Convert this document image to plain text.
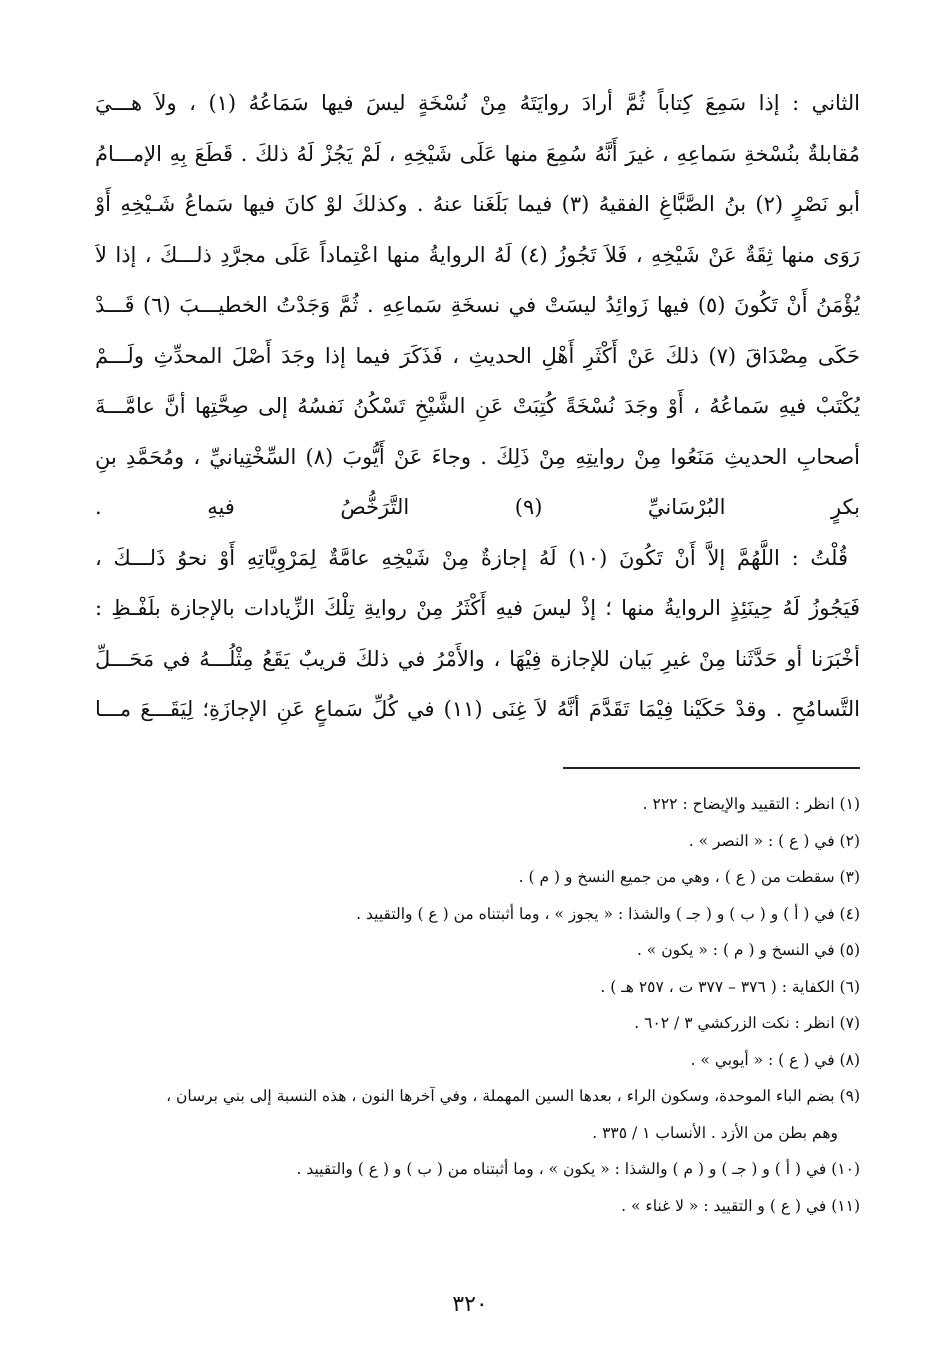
الثاني : إذا سَمِعَ كِتاباً ثُمَّ أرادَ روايَتَهُ مِنْ نُسْخَةٍ ليسَ فيها سَمَاعُهُ (١) ، ولاَ هـــيَ
مُقابلةٌ بنُسْخةِ سَماعِهِ ، غيرَ أَنَّهُ سُمِعَ منها عَلَى شَيْخِهِ ، لَمْ يَجُزْ لَهُ ذلكَ . قَطَعَ بِهِ الإمـــامُ
أبو نَصْرٍ (٢) بنُ الصَّبَّاغِ الفقيهُ (٣) فيما بَلَغَنا عنهُ . وكذلكَ لوْ كانَ فيها سَماعُ شَـيْخِهِ أَوْ
رَوَى منها ثِقَةٌ عَنْ شَيْخِهِ ، فَلاَ تَجُوزُ (٤) لَهُ الروايةُ منها اعْتِماداً عَلَى مجرَّدِ ذلـــكَ ، إذا لاَ
يُؤْمَنُ أَنْ تَكُونَ (٥) فيها زَوائِدُ ليسَتْ في نسخَةِ سَماعِهِ . ثُمَّ وَجَدْتُ الخطيـــبَ (٦) قَـــدْ
حَكَى مِصْدَاقَ (٧) ذلكَ عَنْ أَكْثَرِ أَهْلِ الحديثِ ، فَذَكَرَ فيما إذا وجَدَ أَصْلَ المحدِّثِ ولَـــمْ
يُكْتَبْ فيهِ سَماعُهُ ، أَوْ وجَدَ نُسْخَةً كُتِبَتْ عَنِ الشَّيْخِ تَسْكُنُ نَفسُهُ إلى صِحَّتِها أنَّ عامَّـــةَ
أصحابِ الحديثِ مَنَعُوا مِنْ روايتِهِ مِنْ ذَلِكَ . وجاءَ عَنْ أَيُّوبَ (٨) السِّخْتِيانيِّ ، ومُحَمَّدِ بنِ
بكرٍ البُرْسَانيِّ (٩) التَّرَخُّصُ فيهِ .
قُلْتُ : اللَّهُمَّ إلاَّ أَنْ تَكُونَ (١٠) لَهُ إجازةٌ مِنْ شَيْخِهِ عامَّةٌ لِمَرْوِيَّاتِهِ أَوْ نحوُ ذَلـــكَ ،
فَيَجُوزُ لَهُ حِينَئِذٍ الروايةُ منها ؛ إذْ ليسَ فيهِ أَكْثَرُ مِنْ روايةِ تِلْكَ الزِّيادات بالإجازة بلَفْـظِ :
أخْبَرَنا أو حَدَّثَنا مِنْ غيرِ بَيان للإجازة فِيْهَا ، والأَمْرُ في ذلكَ قريبٌ يَقَعُ مِثْلُـــهُ في مَحَـــلِّ
التَّسامُحِ . وقدْ حَكَيْنا فِيْمَا تَقَدَّمَ أنَّهُ لاَ غِنَى (١١) في كُلِّ سَماعٍ عَنِ الإجازَةِ؛ لِيَقَـــعَ مـــا
(١) انظر : التقييد والإيضاح : ٢٢٢ .
(٢) في ( ع ) : « النصر » .
(٣) سقطت من ( ع ) ، وهي من جميع النسخ و ( م ) .
(٤) في ( أ ) و ( ب ) و ( جـ ) والشذا : « يجوز » ، وما أثبتناه من ( ع ) والتقييد .
(٥) في النسخ و ( م ) : « يكون » .
(٦) الكفاية : ( ٣٧٦ – ٣٧٧ ت ، ٢٥٧ هـ ) .
(٧) انظر : نكت الزركشي ٣ / ٦٠٢ .
(٨) في ( ع ) : « أيوبي » .
(٩) بضم الباء الموحدة، وسكون الراء ، بعدها السين المهملة ، وفي آخرها النون ، هذه النسبة إلى بني برسان ،
وهم بطن من الأزد . الأنساب ١ / ٣٣٥ .
(١٠) في ( أ ) و ( جـ ) و ( م ) والشذا : « يكون » ، وما أثبتناه من ( ب ) و ( ع ) والتقييد .
(١١) في ( ع ) و التقييد : « لا غناء » .
٣٢٠
